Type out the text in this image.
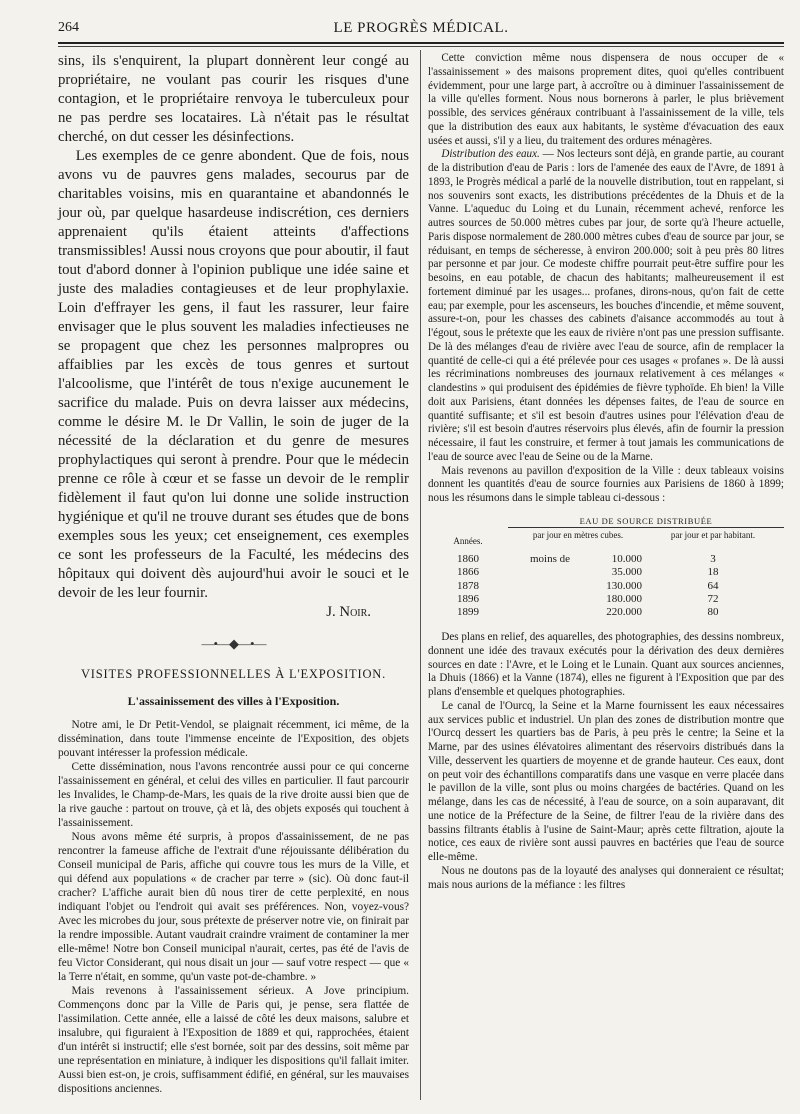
264	LE PROGRÈS MÉDICAL.

sins, ils s'enquirent, la plupart donnèrent leur congé au propriétaire, ne voulant pas courir les risques d'une contagion, et le propriétaire renvoya le tuberculeux pour ne pas perdre ses locataires. Là n'était pas le résultat cherché, on dut cesser les désinfections.

Les exemples de ce genre abondent. Que de fois, nous avons vu de pauvres gens malades, secourus par de charitables voisins, mis en quarantaine et abandonnés le jour où, par quelque hasardeuse indiscrétion, ces derniers apprenaient qu'ils étaient atteints d'affections transmissibles! Aussi nous croyons que pour aboutir, il faut tout d'abord donner à l'opinion publique une idée saine et juste des maladies contagieuses et de leur prophylaxie. Loin d'effrayer les gens, il faut les rassurer, leur faire envisager que le plus souvent les maladies infectieuses ne se propagent que chez les personnes malpropres ou affaiblies par les excès de tous genres et surtout l'alcoolisme, que l'intérêt de tous n'exige aucunement le sacrifice du malade. Puis on devra laisser aux médecins, comme le désire M. le Dr Vallin, le soin de juger de la nécessité de la déclaration et du genre de mesures prophylactiques qui seront à prendre. Pour que le médecin prenne ce rôle à cœur et se fasse un devoir de le remplir fidèlement il faut qu'on lui donne une solide instruction hygiénique et qu'il ne trouve durant ses études que de bons exemples sous les yeux; cet enseignement, ces exemples ce sont les professeurs de la Faculté, les médecins des hôpitaux qui doivent dès aujourd'hui avoir le souci et le devoir de les leur fournir.

J. Noir.
—•—◆—•—
VISITES PROFESSIONNELLES À L'EXPOSITION.
L'assainissement des villes à l'Exposition.

Notre ami, le Dr Petit-Vendol, se plaignait récemment, ici même, de la dissémination, dans toute l'immense enceinte de l'Exposition, des objets pouvant intéresser la profession médicale.

Cette dissémination, nous l'avons rencontrée aussi pour ce qui concerne l'assainissement en général, et celui des villes en particulier. Il faut parcourir les Invalides, le Champ-de-Mars, les quais de la rive droite aussi bien que de la rive gauche : partout on trouve, çà et là, des objets exposés qui touchent à l'assainissement.

Nous avons même été surpris, à propos d'assainissement, de ne pas rencontrer la fameuse affiche de l'extrait d'une réjouissante délibération du Conseil municipal de Paris, affiche qui couvre tous les murs de la Ville, et qui défend aux populations « de cracher par terre » (sic). Où donc faut-il cracher? L'affiche aurait bien dû nous tirer de cette perplexité, en nous indiquant l'objet ou l'endroit qui avait ses préférences. Non, voyez-vous? Avec les microbes du jour, sous prétexte de préserver notre vie, on finirait par la rendre impossible. Autant vaudrait craindre vraiment de contaminer la mer elle-même! Notre bon Conseil municipal n'aurait, certes, pas été de l'avis de feu Victor Considerant, qui nous disait un jour — sauf votre respect — que « la Terre n'était, en somme, qu'un vaste pot-de-chambre. »

Mais revenons à l'assainissement sérieux. A Jove principium. Commençons donc par la Ville de Paris qui, je pense, sera flattée de l'assimilation. Cette année, elle a laissé de côté les deux maisons, salubre et insalubre, qui figuraient à l'Exposition de 1889 et qui, rapprochées, étaient d'un intérêt si instructif; elle s'est bornée, soit par des dessins, soit même par une représentation en miniature, à indiquer les dispositions qu'il fallait imiter. Aussi bien est-on, je crois, suffisamment édifié, en général, sur les mauvaises dispositions anciennes.

Cette conviction même nous dispensera de nous occuper de « l'assainissement » des maisons proprement dites, quoi qu'elles contribuent évidemment, pour une large part, à accroître ou à diminuer l'assainissement de la ville qu'elles forment. Nous nous bornerons à parler, le plus brièvement possible, des services généraux contribuant à l'assainissement de la ville, tels que la distribution des eaux aux habitants, le système d'évacuation des eaux usées et aussi, s'il y a lieu, du traitement des ordures ménagères.

Distribution des eaux. — Nos lecteurs sont déjà, en grande partie, au courant de la distribution d'eau de Paris : lors de l'amenée des eaux de l'Avre, de 1891 à 1893, le Progrès médical a parlé de la nouvelle distribution, tout en rappelant, si nos souvenirs sont exacts, les distributions précédentes de la Dhuis et de la Vanne. L'aqueduc du Loing et du Lunain, récemment achevé, renforce les autres sources de 50.000 mètres cubes par jour, de sorte qu'à l'heure actuelle, Paris dispose normalement de 280.000 mètres cubes d'eau de source par jour, se réduisant, en temps de sécheresse, à environ 200.000; soit à peu près 80 litres par personne et par jour. Ce modeste chiffre pourrait peut-être suffire pour les besoins, en eau potable, de chacun des habitants; malheureusement il est fortement diminué par les usages... profanes, dirons-nous, qu'on fait de cette eau; par exemple, pour les ascenseurs, les bouches d'incendie, et même souvent, assure-t-on, pour les chasses des cabinets d'aisance accommodés au tout à l'égout, sous le prétexte que les eaux de rivière n'ont pas une pression suffisante. De là des mélanges d'eau de rivière avec l'eau de source, afin de remplacer la quantité de celle-ci qui a été prélevée pour ces usages « profanes ». De là aussi les récriminations nombreuses des journaux relativement à ces mélanges « clandestins » qui produisent des épidémies de fièvre typhoïde. Eh bien! la Ville doit aux Parisiens, étant données les dépenses faites, de l'eau de source en quantité suffisante; et s'il est besoin d'autres usines pour l'élévation d'eau de rivière; s'il est besoin d'autres réservoirs plus élevés, afin de fournir la pression nécessaire, il faut les construire, et fermer à tout jamais les communications de l'eau de source avec l'eau de Seine ou de la Marne.

Mais revenons au pavillon d'exposition de la Ville : deux tableaux voisins donnent les quantités d'eau de source fournies aux Parisiens de 1860 à 1899; nous les résumons dans le simple tableau ci-dessous :

EAU DE SOURCE DISTRIBUÉE
Années.
par jour en mètres cubes.	par jour et par habitant.
1860	moins de	10.000	3
1866	35.000	18
1878	130.000	64
1896	180.000	72
1899	220.000	80

Des plans en relief, des aquarelles, des photographies, des dessins nombreux, donnent une idée des travaux exécutés pour la dérivation des deux dernières sources en date : l'Avre, et le Loing et le Lunain. Quant aux sources anciennes, la Dhuis (1866) et la Vanne (1874), elles ne figurent à l'Exposition que par des plans d'ensemble et quelques photographies.

Le canal de l'Ourcq, la Seine et la Marne fournissent les eaux nécessaires aux services public et industriel. Un plan des zones de distribution montre que l'Ourcq dessert les quartiers bas de Paris, à peu près le centre; la Seine et la Marne, par des usines élévatoires alimentant des réservoirs distribués dans la Ville, desservent les quartiers de moyenne et de grande hauteur. Ces eaux, dont on peut voir des échantillons comparatifs dans une vasque en verre placée dans le pavillon de la ville, sont plus ou moins chargées de bactéries. Quand on les mélange, dans les cas de nécessité, à l'eau de source, on a soin auparavant, dit une notice de la Préfecture de la Seine, de filtrer l'eau de la rivière dans des bassins filtrants établis à l'usine de Saint-Maur; après cette filtration, ajoute la notice, ces eaux de rivière sont aussi pauvres en bactéries que l'eau de source elle-même.

Nous ne doutons pas de la loyauté des analyses qui donneraient ce résultat; mais nous aurions de la méfiance : les filtres
